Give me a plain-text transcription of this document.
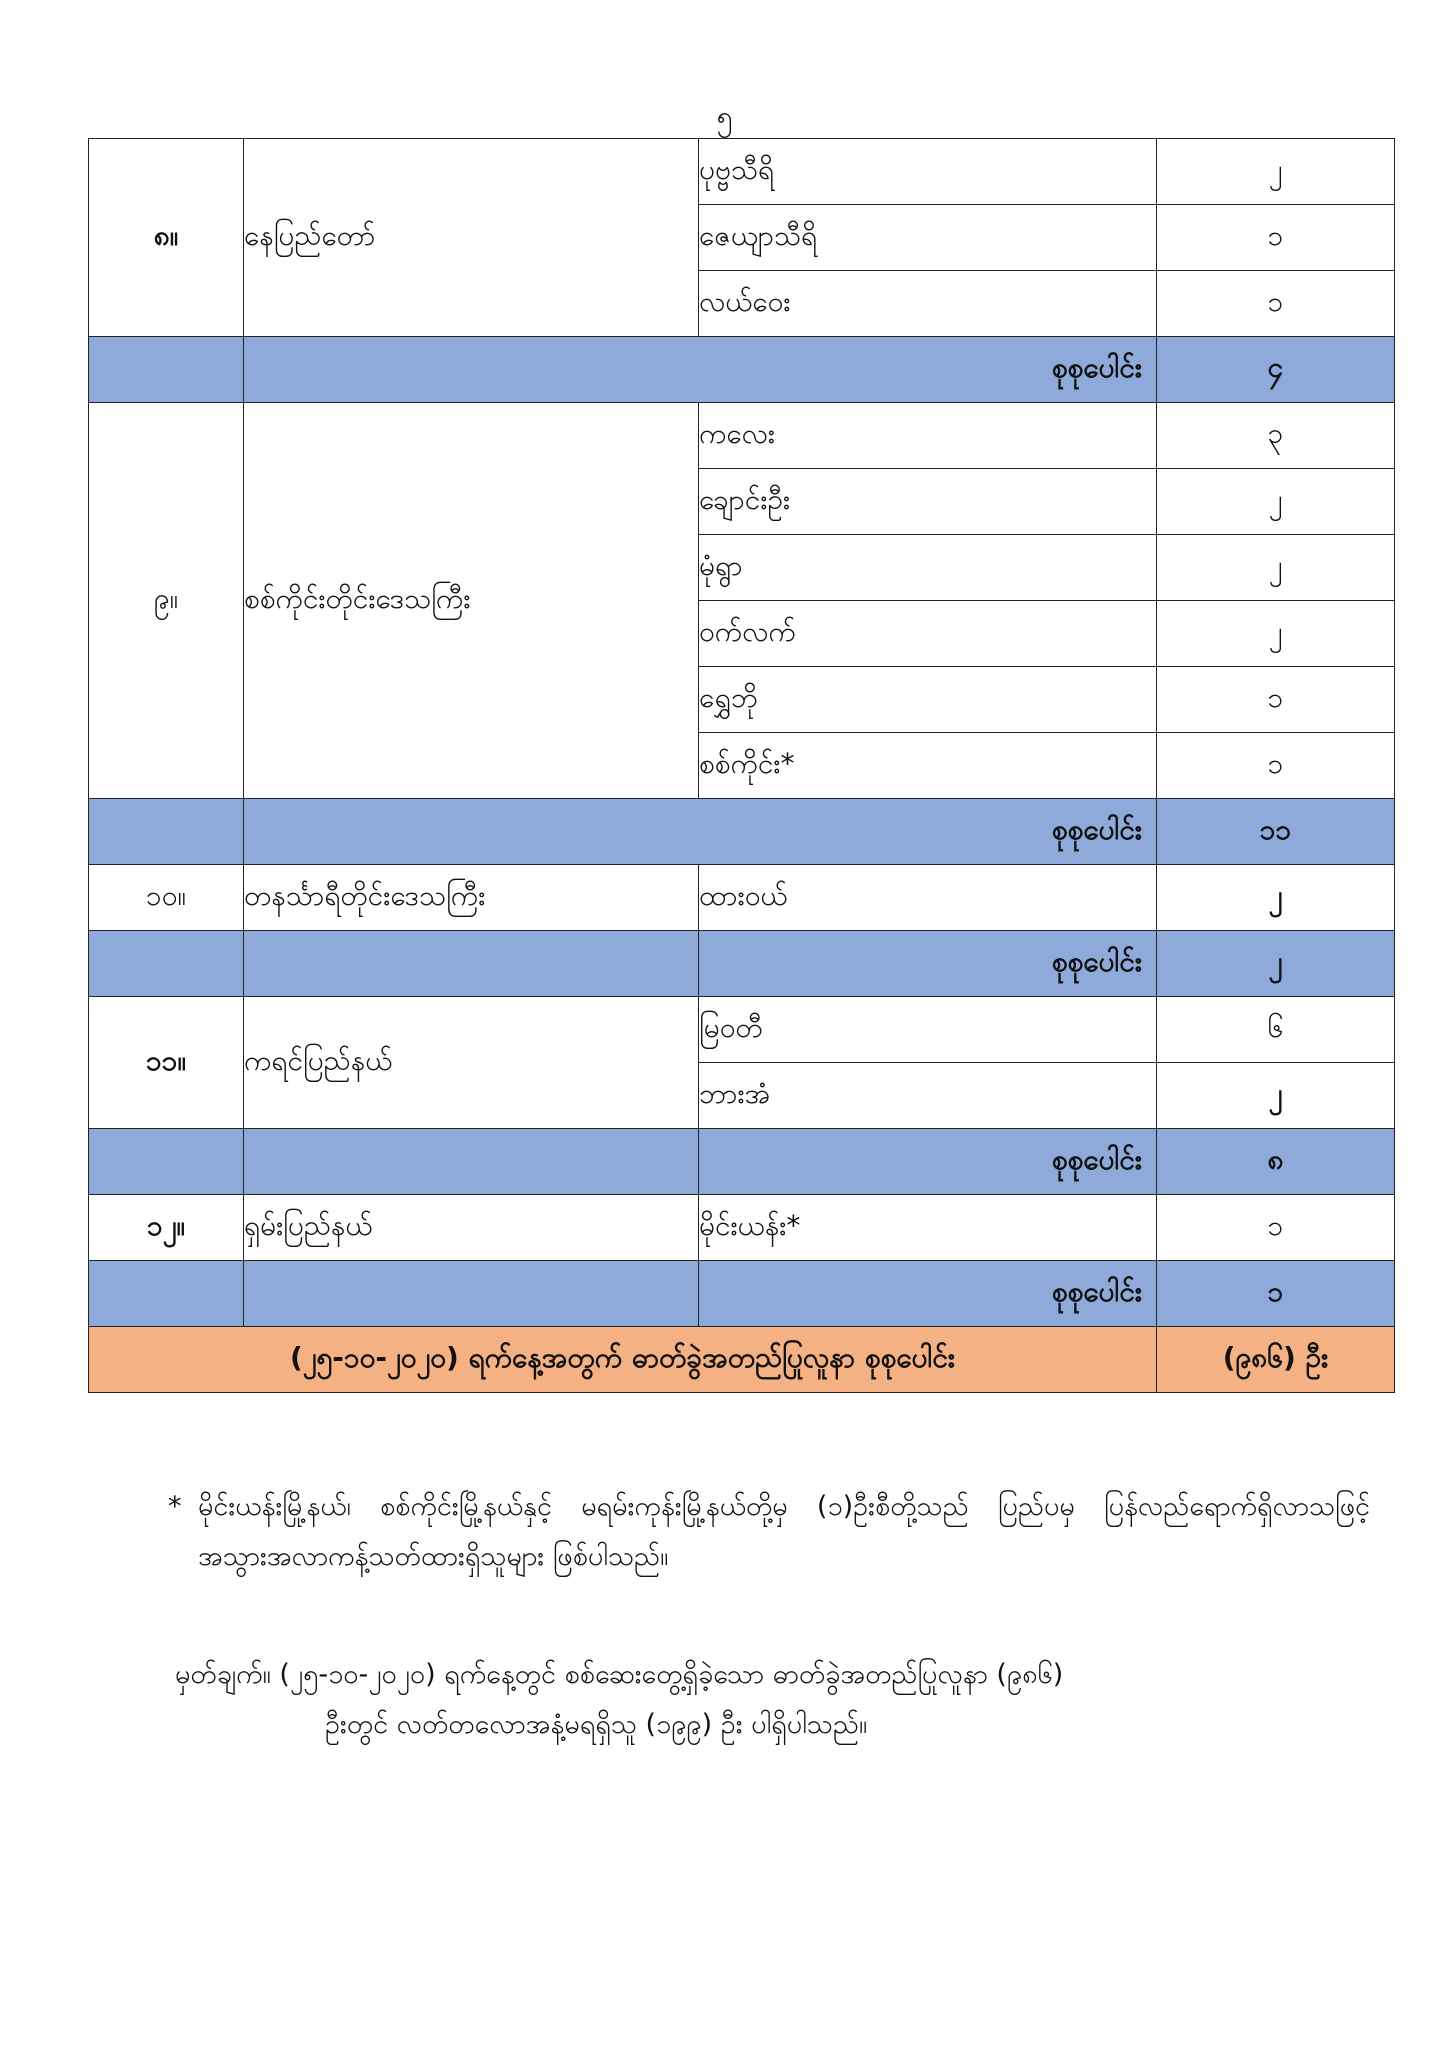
၅
၈။	နေပြည်တော်	ပုဗ္ဗသီရိ	၂
		ဇေယျာသီရိ	၁
		လယ်ဝေး	၁
	စုစုပေါင်း		၄
၉။	စစ်ကိုင်းတိုင်းဒေသကြီး	ကလေး	၃
		ချောင်းဦး	၂
		မုံရွာ	၂
		ဝက်လက်	၂
		ရွှေဘို	၁
		စစ်ကိုင်း*	၁
	စုစုပေါင်း		၁၁
၁၀။	တနင်္သာရီတိုင်းဒေသကြီး	ထားဝယ်	၂
		စုစုပေါင်း	၂
၁၁။	ကရင်ပြည်နယ်	မြဝတီ	၆
		ဘားအံ	၂
		စုစုပေါင်း	၈
၁၂။	ရှမ်းပြည်နယ်	မိုင်းယန်း*	၁
		စုစုပေါင်း	၁
(၂၅-၁၀-၂၀၂၀) ရက်နေ့အတွက် ဓာတ်ခွဲအတည်ပြုလူနာ စုစုပေါင်း			(၉၈၆) ဦး
* မိုင်းယန်းမြို့နယ်၊ စစ်ကိုင်းမြို့နယ်နှင့် မရမ်းကုန်းမြို့နယ်တို့မှ (၁)ဦးစီတို့သည် ပြည်ပမှ ပြန်လည်ရောက်ရှိလာသဖြင့် အသွားအလာကန့်သတ်ထားရှိသူများ ဖြစ်ပါသည်။

မှတ်ချက်။ (၂၅-၁၀-၂၀၂၀) ရက်နေ့တွင် စစ်ဆေးတွေ့ရှိခဲ့သော ဓာတ်ခွဲအတည်ပြုလူနာ (၉၈၆)
ဦးတွင် လတ်တလောအနံ့မရရှိသူ (၁၉၉) ဦး ပါရှိပါသည်။
